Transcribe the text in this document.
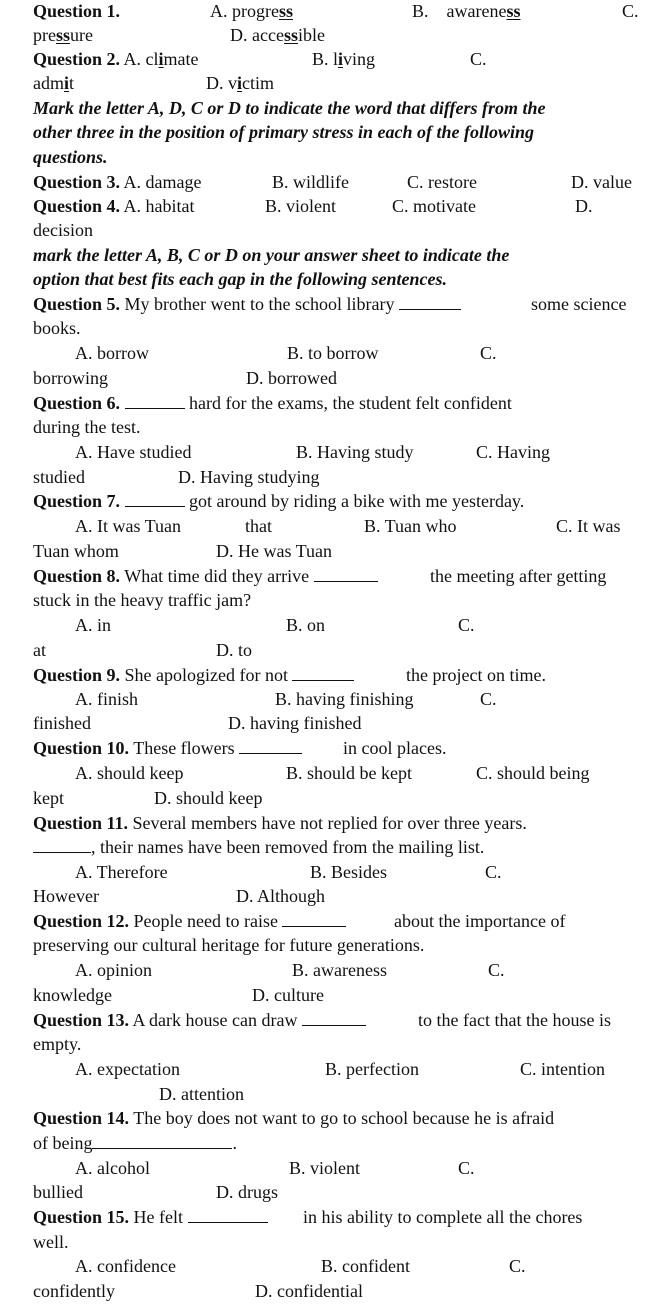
Question 1.	A. progress	B. awareness	C.
pressure	D. accessible
Question 2. A. climate	B. living	C.
admit	D. victim
Mark the letter A, D, C or D to indicate the word that differs from the
other three in the position of primary stress in each of the following
questions.
Question 3. A. damage	B. wildlife	C. restore	D. value
Question 4. A. habitat	B. violent	C. motivate	D.
decision
mark the letter A, B, C or D on your answer sheet to indicate the
option that best fits each gap in the following sentences.
Question 5. My brother went to the school library	some science
books.
A. borrow	B. to borrow	C.
borrowing	D. borrowed
Question 6.	hard for the exams, the student felt confident
during the test.
A. Have studied	B. Having study	C. Having
studied	D. Having studying
Question 7.	got around by riding a bike with me yesterday.
A. It was Tuan	that	B. Tuan who	C. It was
Tuan whom	D. He was Tuan
Question 8. What time did they arrive	the meeting after getting
stuck in the heavy traffic jam?
A. in	B. on	C.
at	D. to
Question 9. She apologized for not	the project on time.
A. finish	B. having finishing	C.
finished	D. having finished
Question 10. These flowers	in cool places.
A. should keep	B. should be kept	C. should being
kept	D. should keep
Question 11. Several members have not replied for over three years.
, their names have been removed from the mailing list.
A. Therefore	B. Besides	C.
However	D. Although
Question 12. People need to raise	about the importance of
preserving our cultural heritage for future generations.
A. opinion	B. awareness	C.
knowledge	D. culture
Question 13. A dark house can draw	to the fact that the house is
empty.
A. expectation	B. perfection	C. intention
D. attention
Question 14. The boy does not want to go to school because he is afraid
of being	.
A. alcohol	B. violent	C.
bullied	D. drugs
Question 15. He felt	in his ability to complete all the chores
well.
A. confidence	B. confident	C.
confidently	D. confidential
